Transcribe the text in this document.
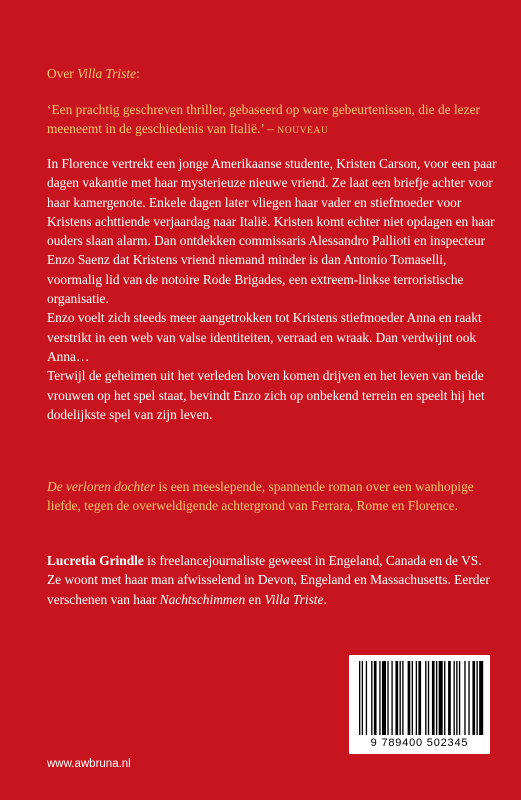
Over Villa Triste:

‘Een prachtig geschreven thriller, gebaseerd op ware gebeurtenissen, die de lezer meeneemt in de geschiedenis van Italië.’ – NOUVEAU

In Florence vertrekt een jonge Amerikaanse studente, Kristen Carson, voor een paar dagen vakantie met haar mysterieuze nieuwe vriend. Ze laat een briefje achter voor haar kamergenote. Enkele dagen later vliegen haar vader en stiefmoeder voor Kristens achttiende verjaardag naar Italië. Kristen komt echter niet opdagen en haar ouders slaan alarm. Dan ontdekken commissaris Alessandro Pallioti en inspecteur Enzo Saenz dat Kristens vriend niemand minder is dan Antonio Tomaselli, voormalig lid van de notoire Rode Brigades, een extreem-linkse terroristische organisatie.

Enzo voelt zich steeds meer aangetrokken tot Kristens stiefmoeder Anna en raakt verstrikt in een web van valse identiteiten, verraad en wraak. Dan verdwijnt ook Anna…

Terwijl de geheimen uit het verleden boven komen drijven en het leven van beide vrouwen op het spel staat, bevindt Enzo zich op onbekend terrein en speelt hij het dodelijkste spel van zijn leven.

De verloren dochter is een meeslepende, spannende roman over een wanhopige liefde, tegen de overweldigende achtergrond van Ferrara, Rome en Florence.

Lucretia Grindle is freelancejournaliste geweest in Engeland, Canada en de VS. Ze woont met haar man afwisselend in Devon, Engeland en Massachusetts. Eerder verschenen van haar Nachtschimmen en Villa Triste.

www.awbruna.nl
9 789400 502345
